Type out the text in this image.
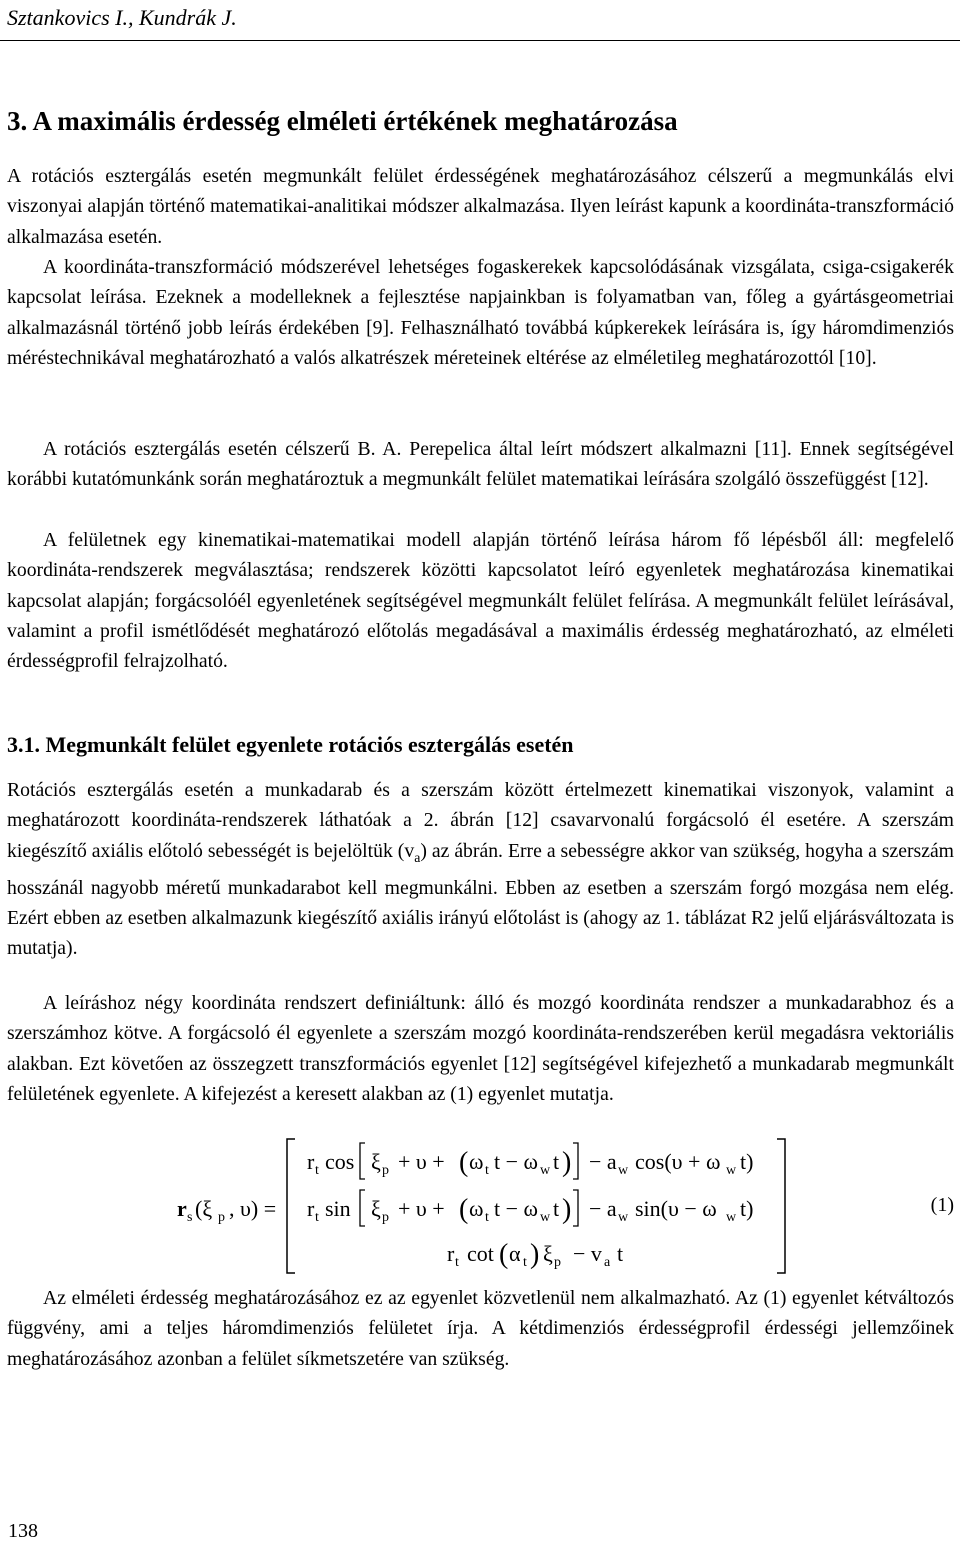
Sztankovics I., Kundrák J.
3. A maximális érdesség elméleti értékének meghatározása

A rotációs esztergálás esetén megmunkált felület érdességének meghatározásához célszerű a megmunkálás elvi viszonyai alapján történő matematikai-analitikai módszer alkalmazása. Ilyen leírást kapunk a koordináta-transzformáció alkalmazása esetén.

A koordináta-transzformáció módszerével lehetséges fogaskerekek kapcsolódásának vizsgálata, csiga-csigakerék kapcsolat leírása. Ezeknek a modelleknek a fejlesztése napjainkban is folyamatban van, főleg a gyártásgeometriai alkalmazásnál történő jobb leírás érdekében [9]. Felhasználható továbbá kúpkerekek leírására is, így háromdimenziós méréstechnikával meghatározható a valós alkatrészek méreteinek eltérése az elméletileg meghatározottól [10].

A rotációs esztergálás esetén célszerű B. A. Perepelica által leírt módszert alkalmazni [11]. Ennek segítségével korábbi kutatómunkánk során meghatároztuk a megmunkált felület matematikai leírására szolgáló összefüggést [12].

A felületnek egy kinematikai-matematikai modell alapján történő leírása három fő lépésből áll: megfelelő koordináta-rendszerek megválasztása; rendszerek közötti kapcsolatot leíró egyenletek meghatározása kinematikai kapcsolat alapján; forgácsolóél egyenletének segítségével megmunkált felület felírása. A megmunkált felület leírásával, valamint a profil ismétlődését meghatározó előtolás megadásával a maximális érdesség meghatározható, az elméleti érdességprofil felrajzolható.

3.1. Megmunkált felület egyenlete rotációs esztergálás esetén

Rotációs esztergálás esetén a munkadarab és a szerszám között értelmezett kinematikai viszonyok, valamint a meghatározott koordináta-rendszerek láthatóak a 2. ábrán [12] csavarvonalú forgácsoló él esetére. A szerszám kiegészítő axiális előtoló sebességét is bejelöltük $(v_a)$ az ábrán. Erre a sebességre akkor van szükség, hogyha a szerszám hosszánál nagyobb méretű munkadarabot kell megmunkálni. Ebben az esetben a szerszám forgó mozgása nem elég. Ezért ebben az esetben alkalmazunk kiegészítő axiális irányú előtolást is (ahogy az 1. táblázat R2 jelű eljárásváltozata is mutatja).

A leíráshoz négy koordináta rendszert definiáltunk: álló és mozgó koordináta rendszer a munkadarabhoz és a szerszámhoz kötve. A forgácsoló él egyenlete a szerszám mozgó koordináta-rendszerében kerül megadásra vektoriális alakban. Ezt követően az összegzett transzformációs egyenlet [12] segítségével kifejezhető a munkadarab megmunkált felületének egyenlete. A kifejezést a keresett alakban az (1) egyenlet mutatja.

r s (ξ p , υ) =
r t cos ξ p + υ + ( ω t t − ω w t ) − a w cos(υ + ω w t)
r t sin ξ p + υ + ( ω t t − ω w t ) − a w sin(υ − ω w t)
r t cot ( α t ) ξ p − v a t
(1)

Az elméleti érdesség meghatározásához ez az egyenlet közvetlenül nem alkalmazható. Az (1) egyenlet kétváltozós függvény, ami a teljes háromdimenziós felületet írja. A kétdimenziós érdességprofil érdességi jellemzőinek meghatározásához azonban a felület síkmetszetére van szükség.

138
